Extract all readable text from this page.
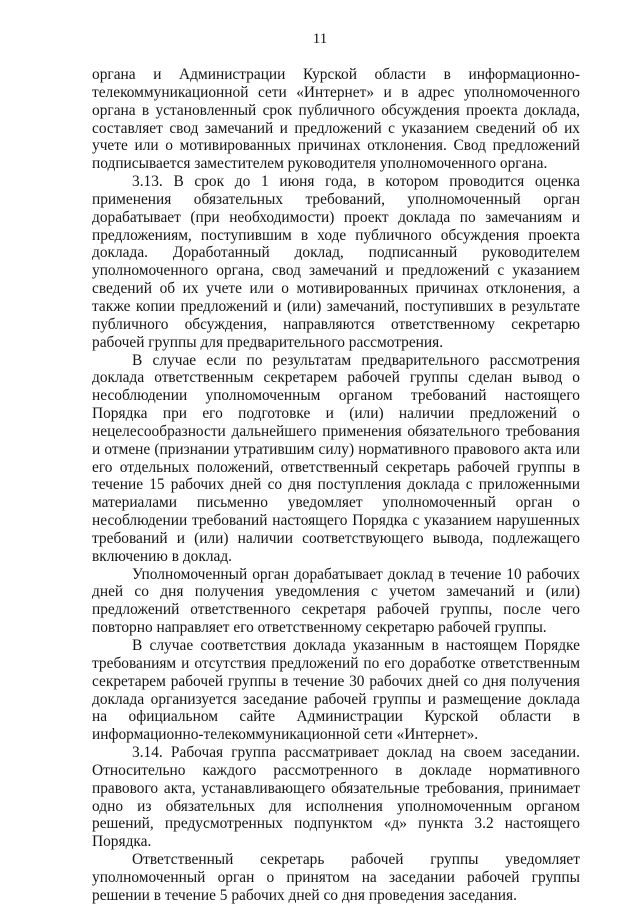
11

органа и Администрации Курской области в информационно-телекоммуникационной сети «Интернет» и в адрес уполномоченного органа в установленный срок публичного обсуждения проекта доклада, составляет свод замечаний и предложений с указанием сведений об их учете или о мотивированных причинах отклонения. Свод предложений подписывается заместителем руководителя уполномоченного органа.

3.13. В срок до 1 июня года, в котором проводится оценка применения обязательных требований, уполномоченный орган дорабатывает (при необходимости) проект доклада по замечаниям и предложениям, поступившим в ходе публичного обсуждения проекта доклада. Доработанный доклад, подписанный руководителем уполномоченного органа, свод замечаний и предложений с указанием сведений об их учете или о мотивированных причинах отклонения, а также копии предложений и (или) замечаний, поступивших в результате публичного обсуждения, направляются ответственному секретарю рабочей группы для предварительного рассмотрения.

В случае если по результатам предварительного рассмотрения доклада ответственным секретарем рабочей группы сделан вывод о несоблюдении уполномоченным органом требований настоящего Порядка при его подготовке и (или) наличии предложений о нецелесообразности дальнейшего применения обязательного требования и отмене (признании утратившим силу) нормативного правового акта или его отдельных положений, ответственный секретарь рабочей группы в течение 15 рабочих дней со дня поступления доклада с приложенными материалами письменно уведомляет уполномоченный орган о несоблюдении требований настоящего Порядка с указанием нарушенных требований и (или) наличии соответствующего вывода, подлежащего включению в доклад.

Уполномоченный орган дорабатывает доклад в течение 10 рабочих дней со дня получения уведомления с учетом замечаний и (или) предложений ответственного секретаря рабочей группы, после чего повторно направляет его ответственному секретарю рабочей группы.

В случае соответствия доклада указанным в настоящем Порядке требованиям и отсутствия предложений по его доработке ответственным секретарем рабочей группы в течение 30 рабочих дней со дня получения доклада организуется заседание рабочей группы и размещение доклада на официальном сайте Администрации Курской области в информационно-телекоммуникационной сети «Интернет».

3.14. Рабочая группа рассматривает доклад на своем заседании. Относительно каждого рассмотренного в докладе нормативного правового акта, устанавливающего обязательные требования, принимает одно из обязательных для исполнения уполномоченным органом решений, предусмотренных подпунктом «д» пункта 3.2 настоящего Порядка.

Ответственный секретарь рабочей группы уведомляет уполномоченный орган о принятом на заседании рабочей группы решении в течение 5 рабочих дней со дня проведения заседания.
